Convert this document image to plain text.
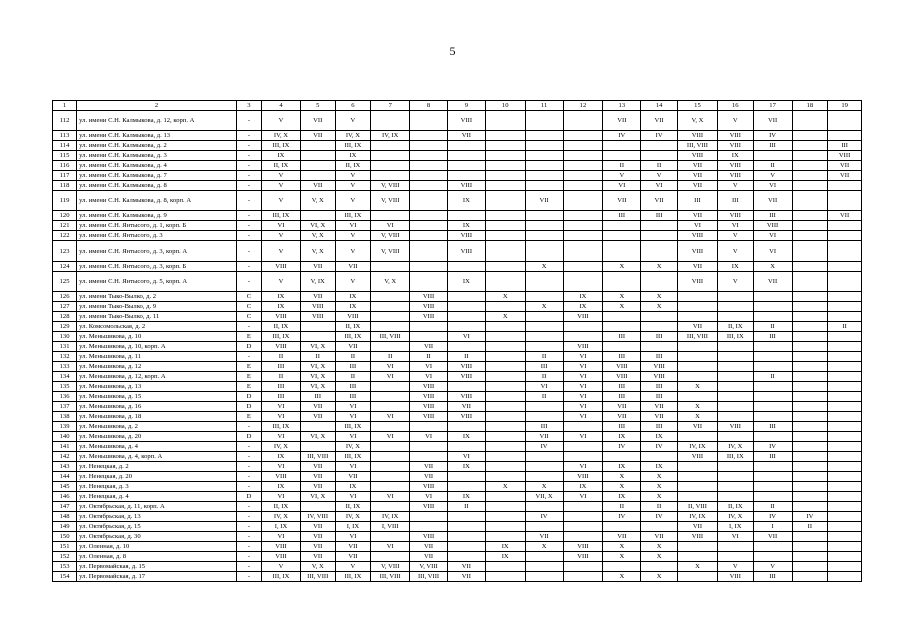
5
1	2	3	4	5	6	7	8	9	10	11	12	13	14	15	16	17	18	19
112	ул. имени С.Н. Калмыкова, д. 12, корп. А	-	V	VII	V			VIII				VII	VII	V, X	V	VII		
113	ул. имени С.Н. Калмыкова, д. 13	-	IV, X	VII	IV, X	IV, IX		VII				IV	IV	VIII	VIII	IV		
114	ул. имени С.Н. Калмыкова, д. 2	-	III, IX		III, IX									III, VIII	VIII	III		III
115	ул. имени С.Н. Калмыкова, д. 3	-	IX		IX									VIII	IX			VIII
116	ул. имени С.Н. Калмыкова, д. 4	-	II, IX		II, IX							II	II	VII	VIII	II		VII
117	ул. имени С.Н. Калмыкова, д. 7	-	V		V							V	V	VII	VIII	V		VII
118	ул. имени С.Н. Калмыкова, д. 8	-	V	VII	V	V, VIII		VIII				VI	VI	VII	V	VI		
119	ул. имени С.Н. Калмыкова, д. 8, корп. А	-	V	V, X	V	V, VIII		IX		VII		VII	VII	III	III	VII		
120	ул. имени С.Н. Калмыкова, д. 9	-	III, IX		III, IX							III	III	VII	VIII	III		VII
121	ул. имени С.Н. Янтысого, д. 1, корп. Б	-	VI	VI, X	VI	VI		IX						VI	VI	VIII		
122	ул. имени С.Н. Янтысого, д. 3	-	V	V, X	V	V, VIII		VIII						VIII	V	VI		
123	ул. имени С.Н. Янтысого, д. 3, корп. А	-	V	V, X	V	V, VIII		VIII						VIII	V	VI		
124	ул. имени С.Н. Янтысого, д. 3, корп. Б	-	VIII	VII	VII					X		X	X	VII	IX	X		
125	ул. имени С.Н. Янтысого, д. 5, корп. А	-	V	V, IX	V	V, X		IX						VIII	V	VII		
126	ул. имени Тыко-Вылко, д. 2	C	IX	VII	IX		VIII		X		IX	X	X					
127	ул. имени Тыко-Вылко, д. 9	C	IX	VIII	IX		VIII			X	IX	X	X					
128	ул. имени Тыко-Вылко, д. 11	C	VIII	VIII	VIII		VIII		X		VIII							
129	ул. Комсомольская, д. 2	-	II, IX		II, IX									VII	II, IX	II		II
130	ул. Меньшикова, д. 10	E	III, IX		III, IX	III, VIII		VI				III	III	III, VIII	III, IX	III		
131	ул. Меньшикова, д. 10, корп. А	D	VIII	VI, X	VII		VII				VIII							
132	ул. Меньшикова, д. 11	-	II	II	II	II	II	II		II	VI	III	III					
133	ул. Меньшикова, д. 12	E	III	VI, X	III	VI	VI	VIII		III	VI	VIII	VIII					
134	ул. Меньшикова, д. 12, корп. А	E	II	VI, X	II	VI	VI	VIII		II	VI	VIII	VIII			II		
135	ул. Меньшикова, д. 13	E	III	VI, X	III		VIII			VI	VI	III	III	X				
136	ул. Меньшикова, д. 15	D	III	III	III		VIII	VIII		II	VI	III	III					
137	ул. Меньшикова, д. 16	D	VI	VII	VI		VIII	VII			VI	VII	VII	X				
138	ул. Меньшикова, д. 18	E	VI	VII	VI	VI	VIII	VIII			VI	VII	VII	X				
139	ул. Меньшикова, д. 2	-	III, IX		III, IX					III		III	III	VII	VIII	III		
140	ул. Меньшикова, д. 20	D	VI	VI, X	VI	VI	VI	IX		VII	VI	IX	IX					
141	ул. Меньшикова, д. 4	-	IV, X		IV, X					IV		IV	IV	IV, IX	IV, X	IV		
142	ул. Меньшикова, д. 4, корп. А	-	IX	III, VIII	III, IX			VI						VIII	III, IX	III		
143	ул. Ненецкая, д. 2	-	VI	VII	VI		VII	IX			VI	IX	IX					
144	ул. Ненецкая, д. 20	-	VIII	VII	VII		VII				VIII	X	X					
145	ул. Ненецкая, д. 3	-	IX	VII	IX		VIII		X	X	IX	X	X					
146	ул. Ненецкая, д. 4	D	VI	VI, X	VI	VI	VI	IX		VII, X	VI	IX	X					
147	ул. Октябрьская, д. 11, корп. А	-	II, IX		II, IX		VIII	II				II	II	II, VIII	II, IX	II		
148	ул. Октябрьская, д. 13	-	IV, X	IV, VIII	IV, X	IV, IX				IV		IV	IV	IV, IX	IV, X	IV	IV	
149	ул. Октябрьская, д. 15	-	I, IX	VII	I, IX	I, VIII								VII	I, IX	I	II	
150	ул. Октябрьская, д. 30	-	VI	VII	VI		VIII			VII		VII	VII	VIII	VI	VII		
151	ул. Оленная, д. 10	-	VIII	VII	VII	VI	VII		IX	X	VIII	X	X					
152	ул. Оленная, д. 8	-	VIII	VII	VII		VII		IX		VIII	X	X					
153	ул. Первомайская, д. 15	-	V	V, X	V	V, VIII	V, VIII	VII						X	V	V		
154	ул. Первомайская, д. 17	-	III, IX	III, VIII	III, IX	III, VIII	III, VIII	VII				X	X		VIII	III		
